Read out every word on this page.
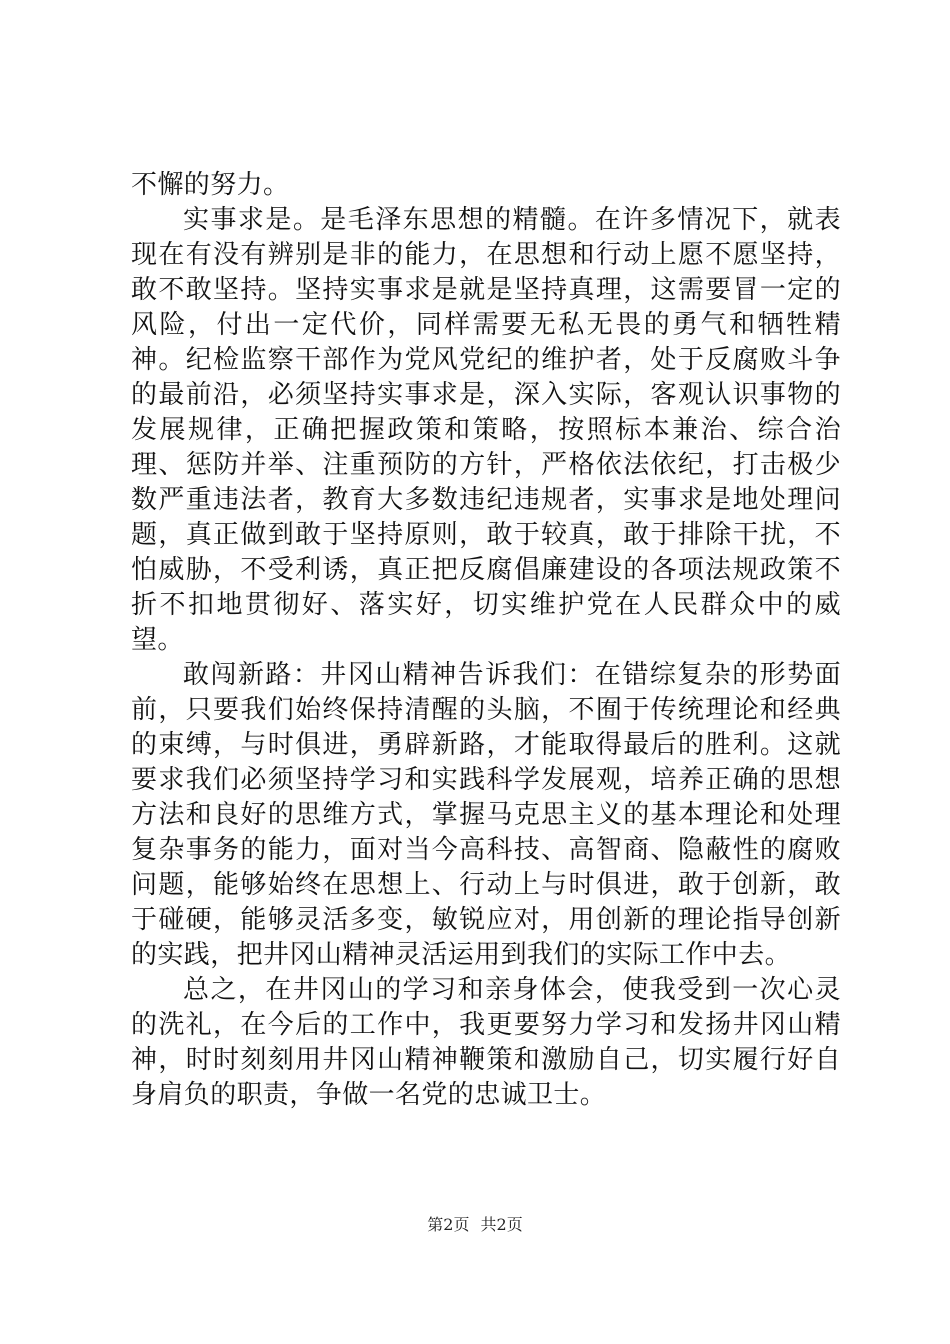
不懈的努力。

实事求是。是毛泽东思想的精髓。在许多情况下，就表现在有没有辨别是非的能力，在思想和行动上愿不愿坚持，敢不敢坚持。坚持实事求是就是坚持真理，这需要冒一定的风险，付出一定代价，同样需要无私无畏的勇气和牺牲精神。纪检监察干部作为党风党纪的维护者，处于反腐败斗争的最前沿，必须坚持实事求是，深入实际，客观认识事物的发展规律，正确把握政策和策略，按照标本兼治、综合治理、惩防并举、注重预防的方针，严格依法依纪，打击极少数严重违法者，教育大多数违纪违规者，实事求是地处理问题，真正做到敢于坚持原则，敢于较真，敢于排除干扰，不怕威胁，不受利诱，真正把反腐倡廉建设的各项法规政策不折不扣地贯彻好、落实好，切实维护党在人民群众中的威望。

敢闯新路：井冈山精神告诉我们：在错综复杂的形势面前，只要我们始终保持清醒的头脑，不囿于传统理论和经典的束缚，与时俱进，勇辟新路，才能取得最后的胜利。这就要求我们必须坚持学习和实践科学发展观，培养正确的思想方法和良好的思维方式，掌握马克思主义的基本理论和处理复杂事务的能力，面对当今高科技、高智商、隐蔽性的腐败问题，能够始终在思想上、行动上与时俱进，敢于创新，敢于碰硬，能够灵活多变，敏锐应对，用创新的理论指导创新的实践，把井冈山精神灵活运用到我们的实际工作中去。

总之，在井冈山的学习和亲身体会，使我受到一次心灵的洗礼，在今后的工作中，我更要努力学习和发扬井冈山精神，时时刻刻用井冈山精神鞭策和激励自己，切实履行好自身肩负的职责，争做一名党的忠诚卫士。

第2页 共2页
